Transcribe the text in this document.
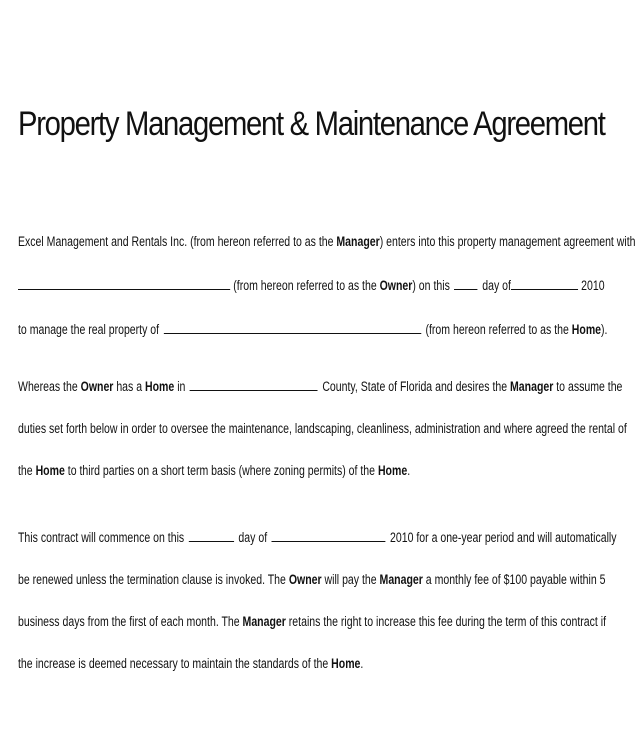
Property Management & Maintenance Agreement
Excel Management and Rentals Inc. (from hereon referred to as the Manager) enters into this property management agreement with
(from hereon referred to as the Owner) on this day of	2010
to manage the real property of	(from hereon referred to as the Home).
Whereas the Owner has a Home in	County, State of Florida and desires the Manager to assume the
duties set forth below in order to oversee the maintenance, landscaping, cleanliness, administration and where agreed the rental of
the Home to third parties on a short term basis (where zoning permits) of the Home.
This contract will commence on this	day of	2010 for a one-year period and will automatically
be renewed unless the termination clause is invoked. The Owner will pay the Manager a monthly fee of $100 payable within 5
business days from the first of each month. The Manager retains the right to increase this fee during the term of this contract if
the increase is deemed necessary to maintain the standards of the Home.
